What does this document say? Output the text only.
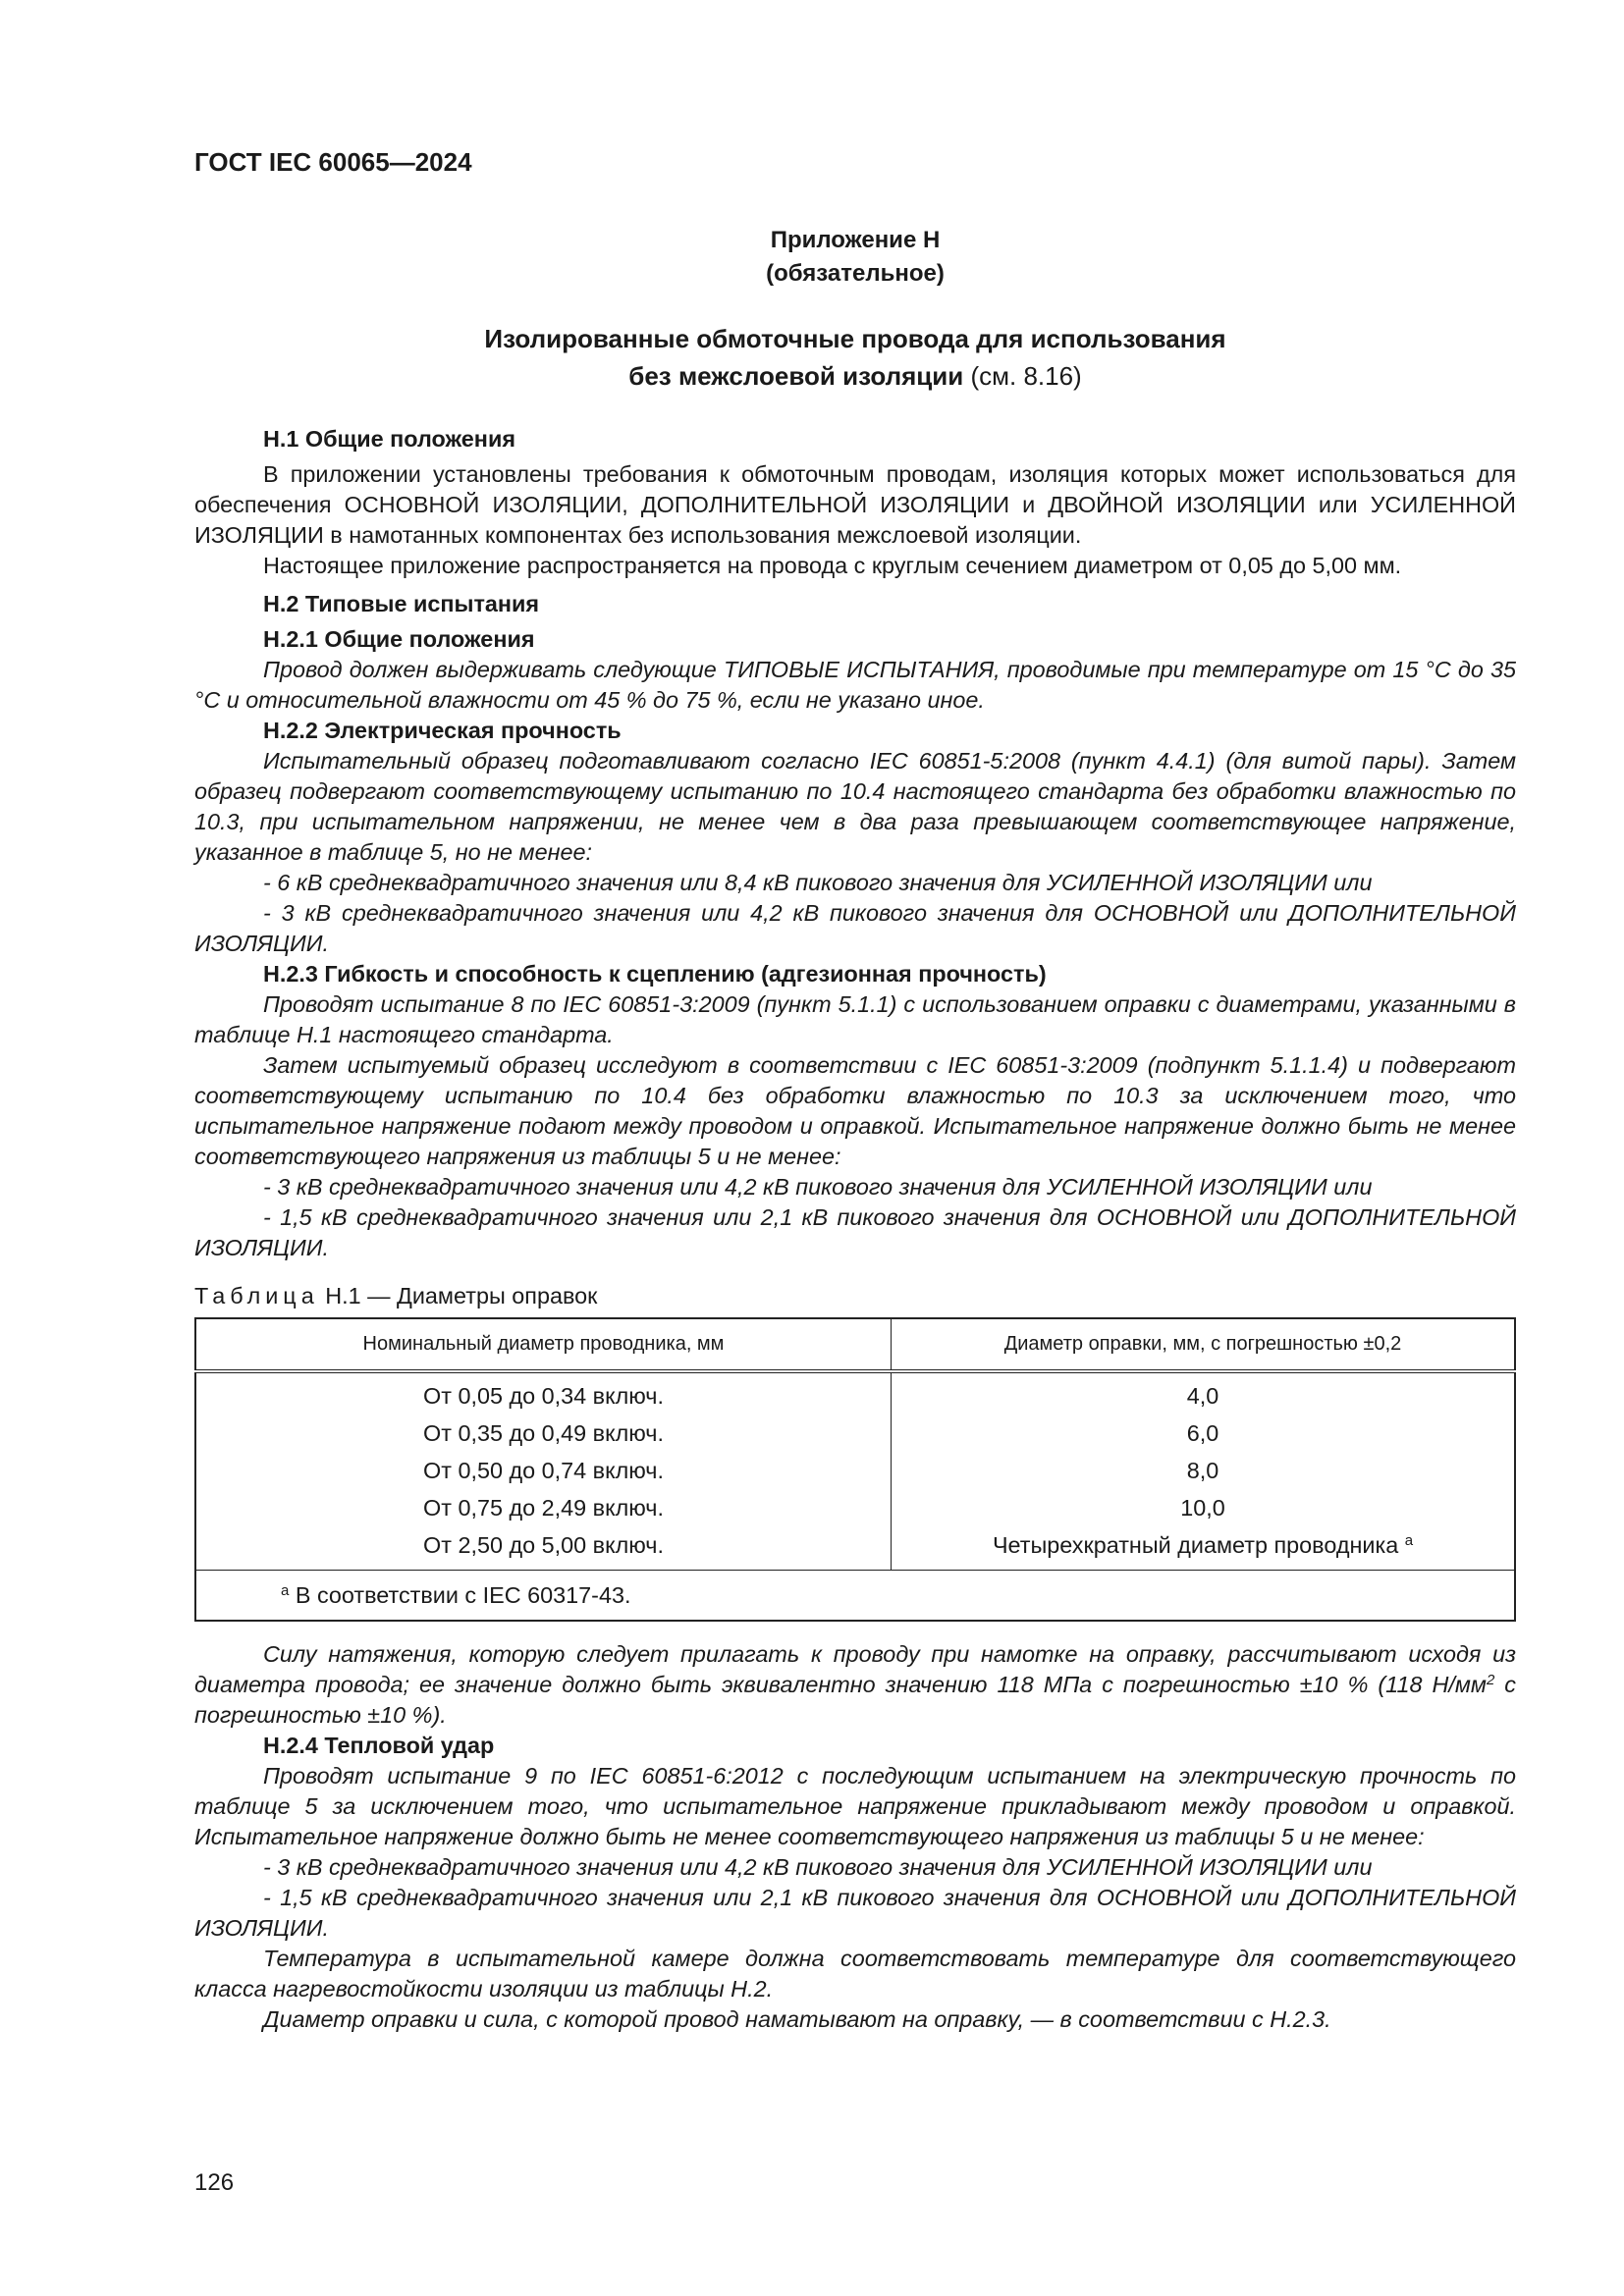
ГОСТ IEC 60065—2024
Приложение Н
(обязательное)
Изолированные обмоточные провода для использования
без межслоевой изоляции (см. 8.16)

Н.1 Общие положения

В приложении установлены требования к обмоточным проводам, изоляция которых может использоваться для обеспечения ОСНОВНОЙ ИЗОЛЯЦИИ, ДОПОЛНИТЕЛЬНОЙ ИЗОЛЯЦИИ и ДВОЙНОЙ ИЗОЛЯЦИИ или УСИЛЕННОЙ ИЗОЛЯЦИИ в намотанных компонентах без использования межслоевой изоляции.

Настоящее приложение распространяется на провода с круглым сечением диаметром от 0,05 до 5,00 мм.

Н.2 Типовые испытания

Н.2.1 Общие положения

Провод должен выдерживать следующие ТИПОВЫЕ ИСПЫТАНИЯ, проводимые при температуре от 15 °С до 35 °С и относительной влажности от 45 % до 75 %, если не указано иное.

Н.2.2 Электрическая прочность

Испытательный образец подготавливают согласно IEC 60851-5:2008 (пункт 4.4.1) (для витой пары). Затем образец подвергают соответствующему испытанию по 10.4 настоящего стандарта без обработки влажностью по 10.3, при испытательном напряжении, не менее чем в два раза превышающем соответствующее напряжение, указанное в таблице 5, но не менее:

- 6 кВ среднеквадратичного значения или 8,4 кВ пикового значения для УСИЛЕННОЙ ИЗОЛЯЦИИ или

- 3 кВ среднеквадратичного значения или 4,2 кВ пикового значения для ОСНОВНОЙ или ДОПОЛНИТЕЛЬНОЙ ИЗОЛЯЦИИ.

Н.2.3 Гибкость и способность к сцеплению (адгезионная прочность)

Проводят испытание 8 по IEC 60851-3:2009 (пункт 5.1.1) с использованием оправки с диаметрами, указанными в таблице Н.1 настоящего стандарта.

Затем испытуемый образец исследуют в соответствии с IEC 60851-3:2009 (подпункт 5.1.1.4) и подвергают соответствующему испытанию по 10.4 без обработки влажностью по 10.3 за исключением того, что испытательное напряжение подают между проводом и оправкой. Испытательное напряжение должно быть не менее соответствующего напряжения из таблицы 5 и не менее:

- 3 кВ среднеквадратичного значения или 4,2 кВ пикового значения для УСИЛЕННОЙ ИЗОЛЯЦИИ или

- 1,5 кВ среднеквадратичного значения или 2,1 кВ пикового значения для ОСНОВНОЙ или ДОПОЛНИТЕЛЬНОЙ ИЗОЛЯЦИИ.

Таблица Н.1 — Диаметры оправок
Номинальный диаметр проводника, мм	Диаметр оправки, мм, с погрешностью ±0,2
От 0,05 до 0,34 включ.	4,0
От 0,35 до 0,49 включ.	6,0
От 0,50 до 0,74 включ.	8,0
От 0,75 до 2,49 включ.	10,0
От 2,50 до 5,00 включ.	Четырехкратный диаметр проводника $^а$
$^а$ В соответствии с IEC 60317-43.	

Силу натяжения, которую следует прилагать к проводу при намотке на оправку, рассчитывают исходя из диаметра провода; ее значение должно быть эквивалентно значению 118 МПа с погрешностью ±10 % (118 $Н/мм^2$ с погрешностью ±10 %).

Н.2.4 Тепловой удар

Проводят испытание 9 по IEC 60851-6:2012 с последующим испытанием на электрическую прочность по таблице 5 за исключением того, что испытательное напряжение прикладывают между проводом и оправкой. Испытательное напряжение должно быть не менее соответствующего напряжения из таблицы 5 и не менее:

- 3 кВ среднеквадратичного значения или 4,2 кВ пикового значения для УСИЛЕННОЙ ИЗОЛЯЦИИ или

- 1,5 кВ среднеквадратичного значения или 2,1 кВ пикового значения для ОСНОВНОЙ или ДОПОЛНИТЕЛЬНОЙ ИЗОЛЯЦИИ.

Температура в испытательной камере должна соответствовать температуре для соответствующего класса нагревостойкости изоляции из таблицы Н.2.

Диаметр оправки и сила, с которой провод наматывают на оправку, — в соответствии с Н.2.3.

126
